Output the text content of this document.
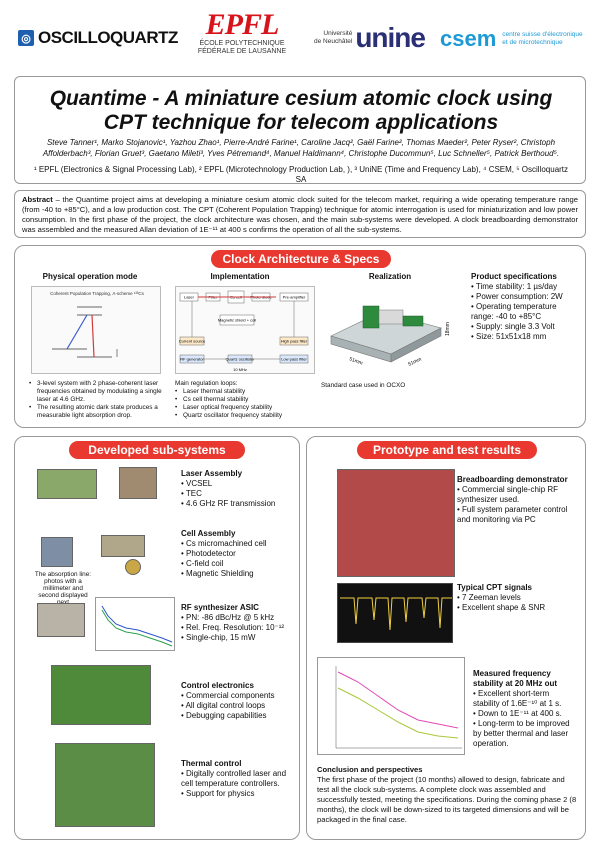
◎ OSCILLOQUARTZ EPFL
ÉCOLE POLYTECHNIQUE
FÉDÉRALE DE LAUSANNE
Université
de Neuchâtel unine csem centre suisse d'électronique
et de microtechnique
Quantime - A miniature cesium atomic clock using
CPT technique for telecom applications
Steve Tanner¹, Marko Stojanovic¹, Yazhou Zhao¹, Pierre-André Farine¹, Caroline Jacq², Gaël Farine², Thomas Maeder², Peter Ryser², Christoph Affolderbach³, Florian Gruet³, Gaetano Mileti³, Yves Pétremand⁴, Manuel Haldimann⁴, Christophe Ducommun⁵, Luc Schneller⁵, Patrick Berthoud⁵.
¹ EPFL (Electronics & Signal Processing Lab), ² EPFL (Microtechnology Production Lab, ), ³ UniNE (Time and Frequency Lab), ⁴ CSEM, ⁵ Oscilloquartz SA
Abstract – the Quantime project aims at developing a miniature cesium atomic clock suited for the telecom market, requiring a wide operating temperature range (from -40 to +85°C), and a low production cost. The CPT (Coherent Population Trapping) technique for atomic interrogation is used for miniaturization and low power consumption. In the first phase of the project, the clock architecture was chosen, and the main sub-systems were developed. A clock breadboarding demonstrator was assembled and the measured Allan deviation of 1E⁻¹¹ at 400 s confirms the operation of all the sub-systems.
Clock Architecture & Specs
Physical operation mode
Coherent Population Trapping, Λ-scheme ¹³³Cs
• 3-level system with 2 phase-coherent laser frequencies obtained by modulating a single laser at 4.6 GHz.
• The resulting atomic dark state produces a measurable light absorption drop.
Implementation
Laser	Filter	Cs cell Photo diode	Pre-amplifier
Current source
Magnetic shield + coil
High pass filter
RF generator	Quartz oscillator	Low pass filter
10 MHz
Main regulation loops:
• Laser thermal stability
• Cs cell thermal stability
• Laser optical frequency stability
• Quartz oscillator frequency stability
Realization
51mm	51mm
18mm
Standard case used in OCXO
Product specifications
• Time stability: 1 µs/day
• Power consumption: 2W
• Operating temperature
range: -40 to +85°C
• Supply: single 3.3 Volt
• Size: 51x51x18 mm
Developed sub-systems
Laser Assembly
• VCSEL
• TEC
• 4.6 GHz RF transmission
The absorption line: photos with a millimeter and second displayed
Cell Assembly
• Cs micromachined cell
• Photodetector
• C-field coil
• Magnetic Shielding
RF synthesizer ASIC
• PN: -86 dBc/Hz @ 5 kHz
• Rel. Freq. Resolution: 10⁻¹²
• Single-chip, 15 mW
Control electronics
• Commercial components
• All digital control loops
• Debugging capabilities
Thermal control
• Digitally controlled laser and
cell temperature controllers.
• Support for physics
Prototype and test results
Breadboarding demonstrator
• Commercial single-chip RF
synthesizer used.
• Full system parameter control
and monitoring via PC
Typical CPT signals
• 7 Zeeman levels
• Excellent shape & SNR
Measured frequency
stability at 20 MHz out
• Excellent short-term
stability of 1.6E⁻¹⁰ at 1 s.
• Down to 1E⁻¹¹ at 400 s.
• Long-term to be improved
by better thermal and laser
operation.
Conclusion and perspectives
The first phase of the project (10 months) allowed to design, fabricate and test all the clock sub-systems. A complete clock was assembled and successfully tested, meeting the specifications. During the coming phase 2 (8 months), the clock will be down-sized to its targeted dimensions and will be packaged in the final case.
